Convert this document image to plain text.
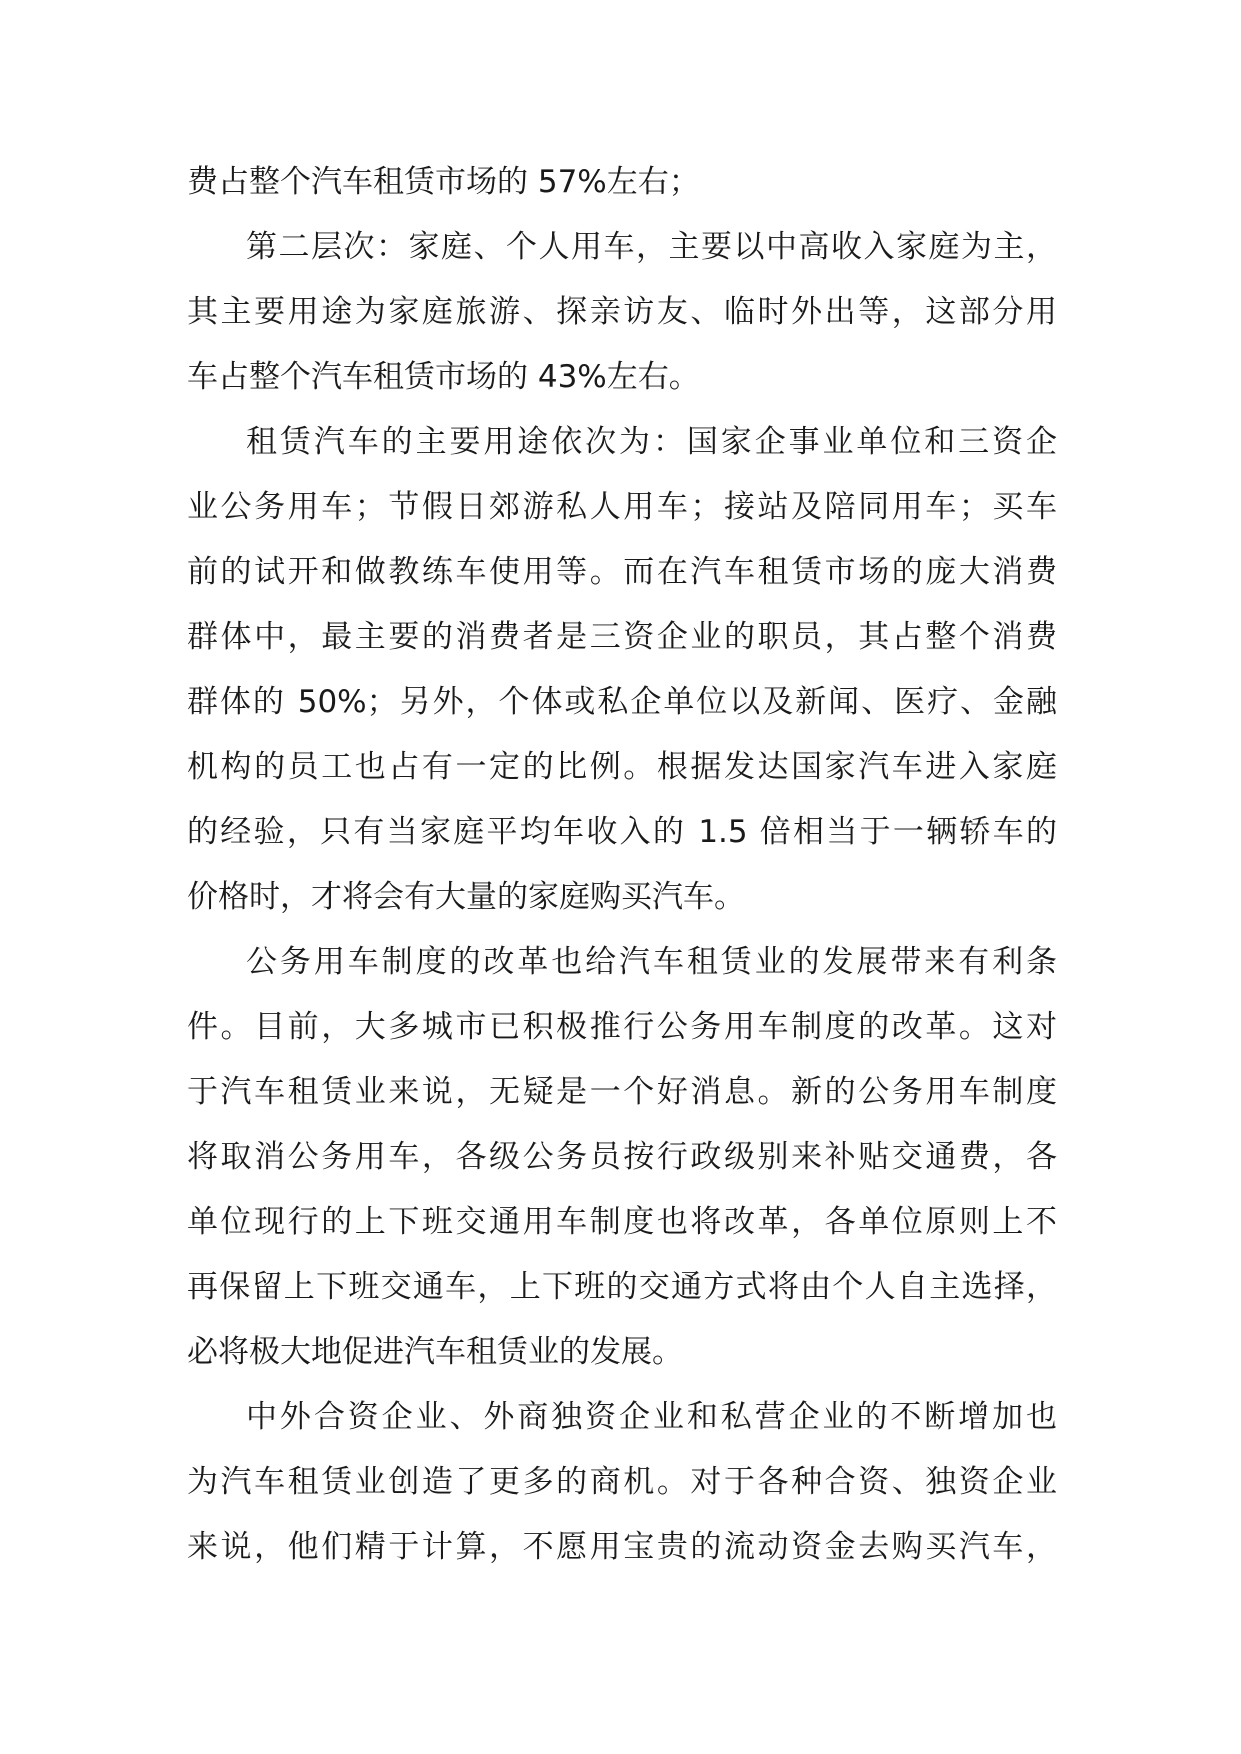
费占整个汽车租赁市场的 57%左右；
第二层次：家庭、个人用车，主要以中高收入家庭为主，
其主要用途为家庭旅游、探亲访友、临时外出等，这部分用
车占整个汽车租赁市场的 43%左右。
租赁汽车的主要用途依次为：国家企事业单位和三资企
业公务用车；节假日郊游私人用车；接站及陪同用车；买车
前的试开和做教练车使用等。而在汽车租赁市场的庞大消费
群体中，最主要的消费者是三资企业的职员，其占整个消费
群体的 50%；另外，个体或私企单位以及新闻、医疗、金融
机构的员工也占有一定的比例。根据发达国家汽车进入家庭
的经验，只有当家庭平均年收入的 1.5 倍相当于一辆轿车的
价格时，才将会有大量的家庭购买汽车。
公务用车制度的改革也给汽车租赁业的发展带来有利条
件。目前，大多城市已积极推行公务用车制度的改革。这对
于汽车租赁业来说，无疑是一个好消息。新的公务用车制度
将取消公务用车，各级公务员按行政级别来补贴交通费，各
单位现行的上下班交通用车制度也将改革，各单位原则上不
再保留上下班交通车，上下班的交通方式将由个人自主选择，
必将极大地促进汽车租赁业的发展。
中外合资企业、外商独资企业和私营企业的不断增加也
为汽车租赁业创造了更多的商机。对于各种合资、独资企业
来说，他们精于计算，不愿用宝贵的流动资金去购买汽车，
